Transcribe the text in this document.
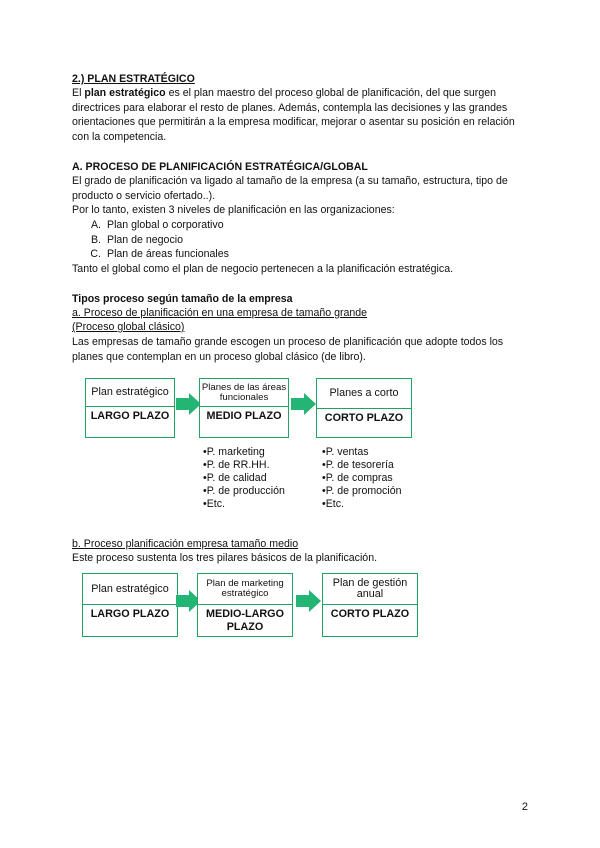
2.) PLAN ESTRATÉGICO

El plan estratégico es el plan maestro del proceso global de planificación, del que surgen directrices para elaborar el resto de planes. Además, contempla las decisiones y las grandes orientaciones que permitirán a la empresa modificar, mejorar o asentar su posición en relación con la competencia.

A. PROCESO DE PLANIFICACIÓN ESTRATÉGICA/GLOBAL

El grado de planificación va ligado al tamaño de la empresa (a su tamaño, estructura, tipo de producto o servicio ofertado..).

Por lo tanto, existen 3 niveles de planificación en las organizaciones:

A. Plan global o corporativo
B. Plan de negocio
C. Plan de áreas funcionales

Tanto el global como el plan de negocio pertenecen a la planificación estratégica.

Tipos proceso según tamaño de la empresa
a. Proceso de planificación en una empresa de tamaño grande
(Proceso global clásico)

Las empresas de tamaño grande escogen un proceso de planificación que adopte todos los planes que contemplan en un proceso global clásico (de libro).

Plan estratégico
LARGO PLAZO
Planes de las áreas funcionales
MEDIO PLAZO
Planes a corto
CORTO PLAZO
•P. marketing
•P. de RR.HH.
•P. de calidad
•P. de producción
•Etc.
•P. ventas
•P. de tesorería
•P. de compras
•P. de promoción
•Etc.
b. Proceso planificación empresa tamaño medio

Este proceso sustenta los tres pilares básicos de la planificación.

Plan estratégico
LARGO PLAZO
Plan de marketing estratégico
MEDIO-LARGO PLAZO
Plan de gestión anual
CORTO PLAZO
2
